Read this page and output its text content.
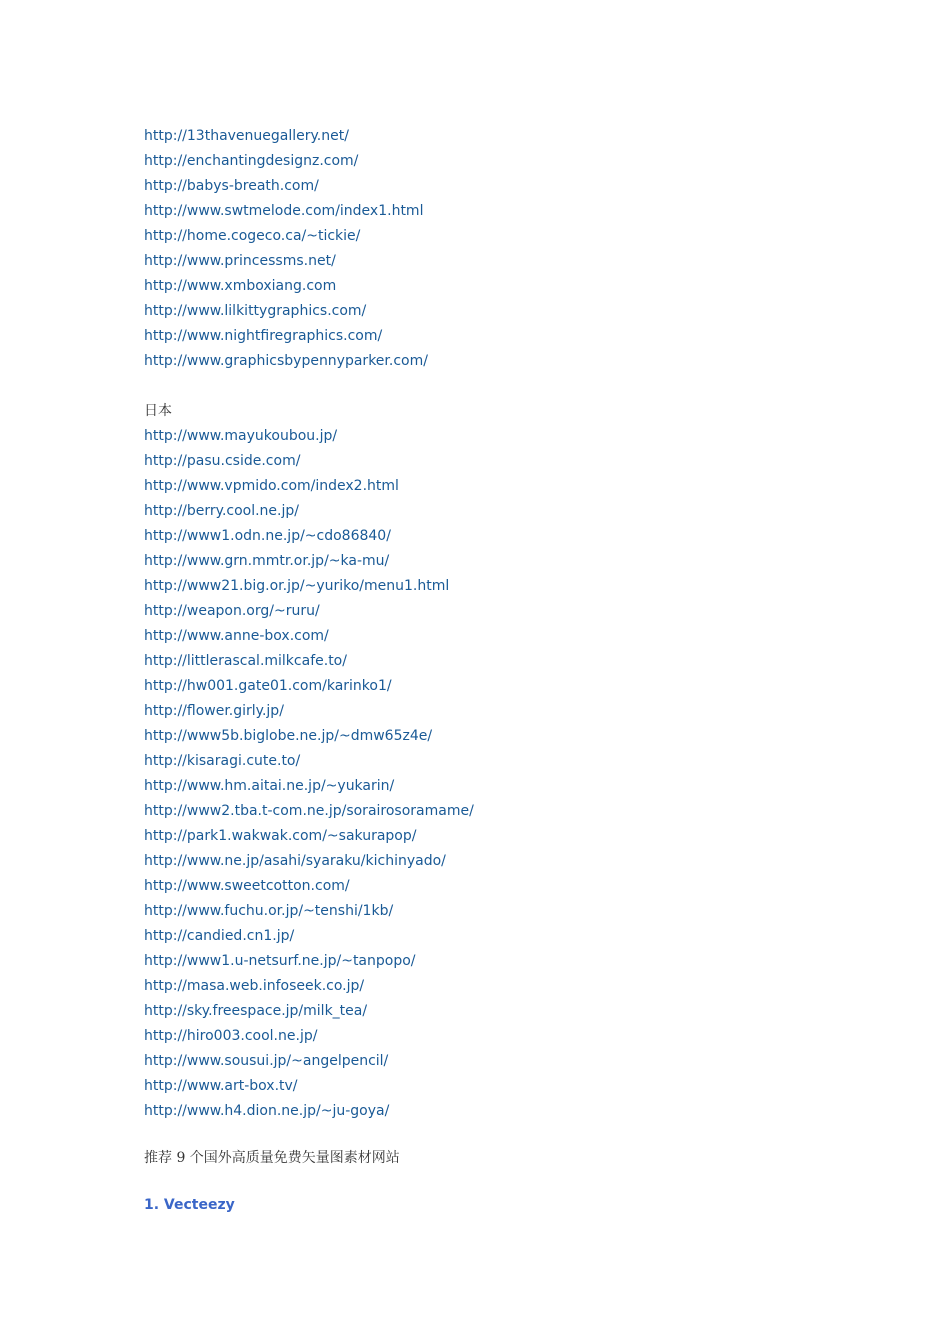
http://13thavenuegallery.net/
http://enchantingdesignz.com/
http://babys-breath.com/
http://www.swtmelode.com/index1.html
http://home.cogeco.ca/~tickie/
http://www.princessms.net/
http://www.xmboxiang.com
http://www.lilkittygraphics.com/
http://www.nightfiregraphics.com/
http://www.graphicsbypennyparker.com/
日本
http://www.mayukoubou.jp/
http://pasu.cside.com/
http://www.vpmido.com/index2.html
http://berry.cool.ne.jp/
http://www1.odn.ne.jp/~cdo86840/
http://www.grn.mmtr.or.jp/~ka-mu/
http://www21.big.or.jp/~yuriko/menu1.html
http://weapon.org/~ruru/
http://www.anne-box.com/
http://littlerascal.milkcafe.to/
http://hw001.gate01.com/karinko1/
http://flower.girly.jp/
http://www5b.biglobe.ne.jp/~dmw65z4e/
http://kisaragi.cute.to/
http://www.hm.aitai.ne.jp/~yukarin/
http://www2.tba.t-com.ne.jp/sorairosoramame/
http://park1.wakwak.com/~sakurapop/
http://www.ne.jp/asahi/syaraku/kichinyado/
http://www.sweetcotton.com/
http://www.fuchu.or.jp/~tenshi/1kb/
http://candied.cn1.jp/
http://www1.u-netsurf.ne.jp/~tanpopo/
http://masa.web.infoseek.co.jp/
http://sky.freespace.jp/milk_tea/
http://hiro003.cool.ne.jp/
http://www.sousui.jp/~angelpencil/
http://www.art-box.tv/
http://www.h4.dion.ne.jp/~ju-goya/
推荐 9 个国外高质量免费矢量图素材网站
1. Vecteezy
